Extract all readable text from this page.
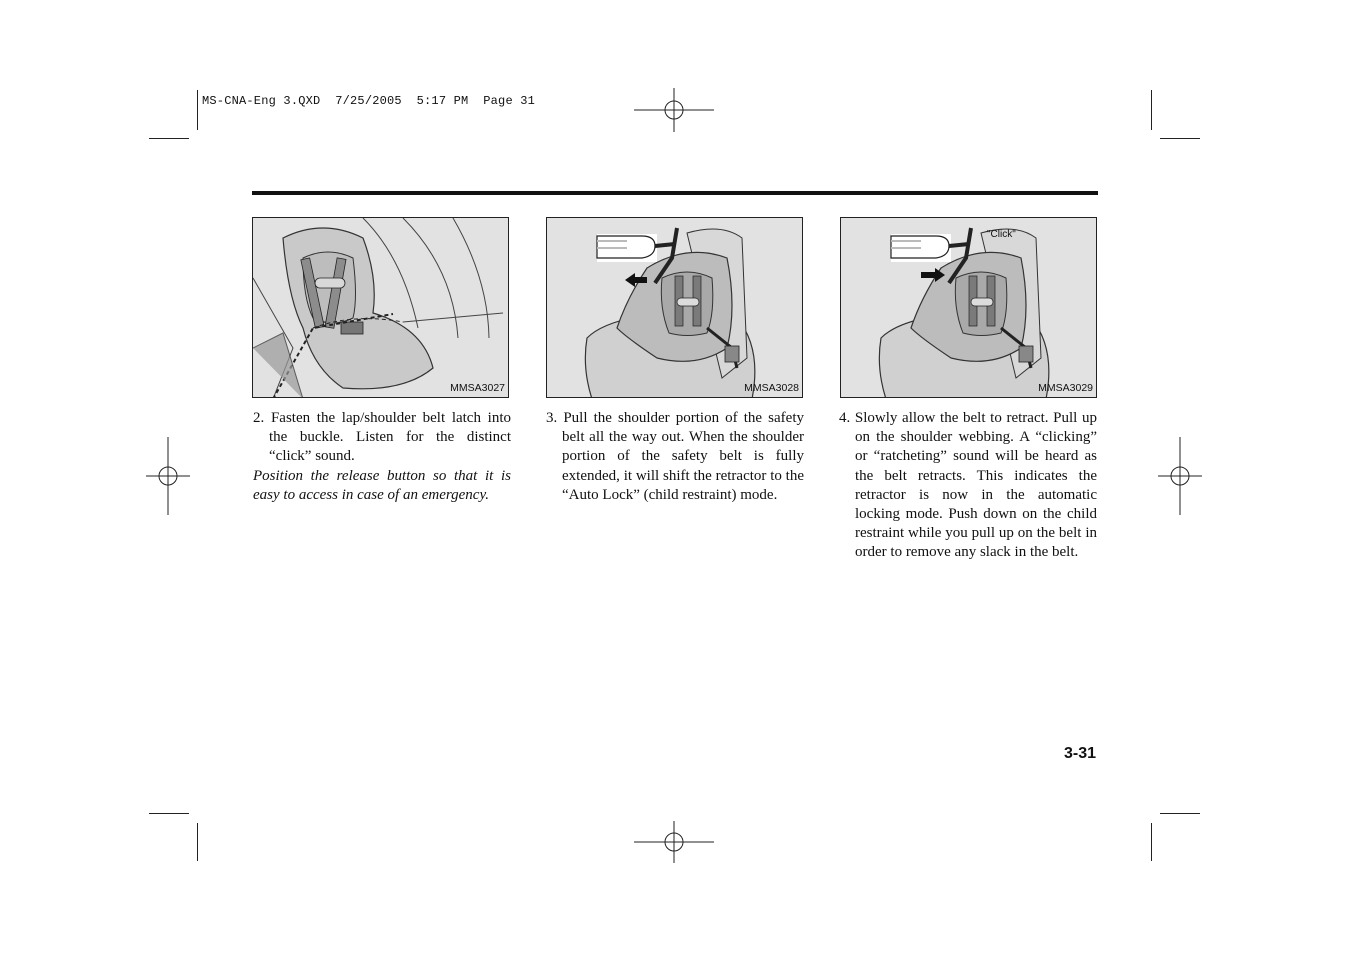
MS-CNA-Eng 3.QXD  7/25/2005  5:17 PM  Page 31
MMSA3027	MMSA3028
"Click"
MMSA3029

2. Fasten the lap/shoulder belt latch into the buckle. Listen for the distinct “click” sound.

Position the release button so that it is easy to access in case of an emergency.

3. Pull the shoulder portion of the safety belt all the way out. When the shoulder portion of the safety belt is fully extended, it will shift the retractor to the “Auto Lock” (child restraint) mode.

4. Slowly allow the belt to retract. Pull up on the shoulder webbing. A “clicking” or “ratcheting” sound will be heard as the belt retracts. This indicates the retractor is now in the automatic locking mode. Push down on the child restraint while you pull up on the belt in order to remove any slack in the belt.

3-31
